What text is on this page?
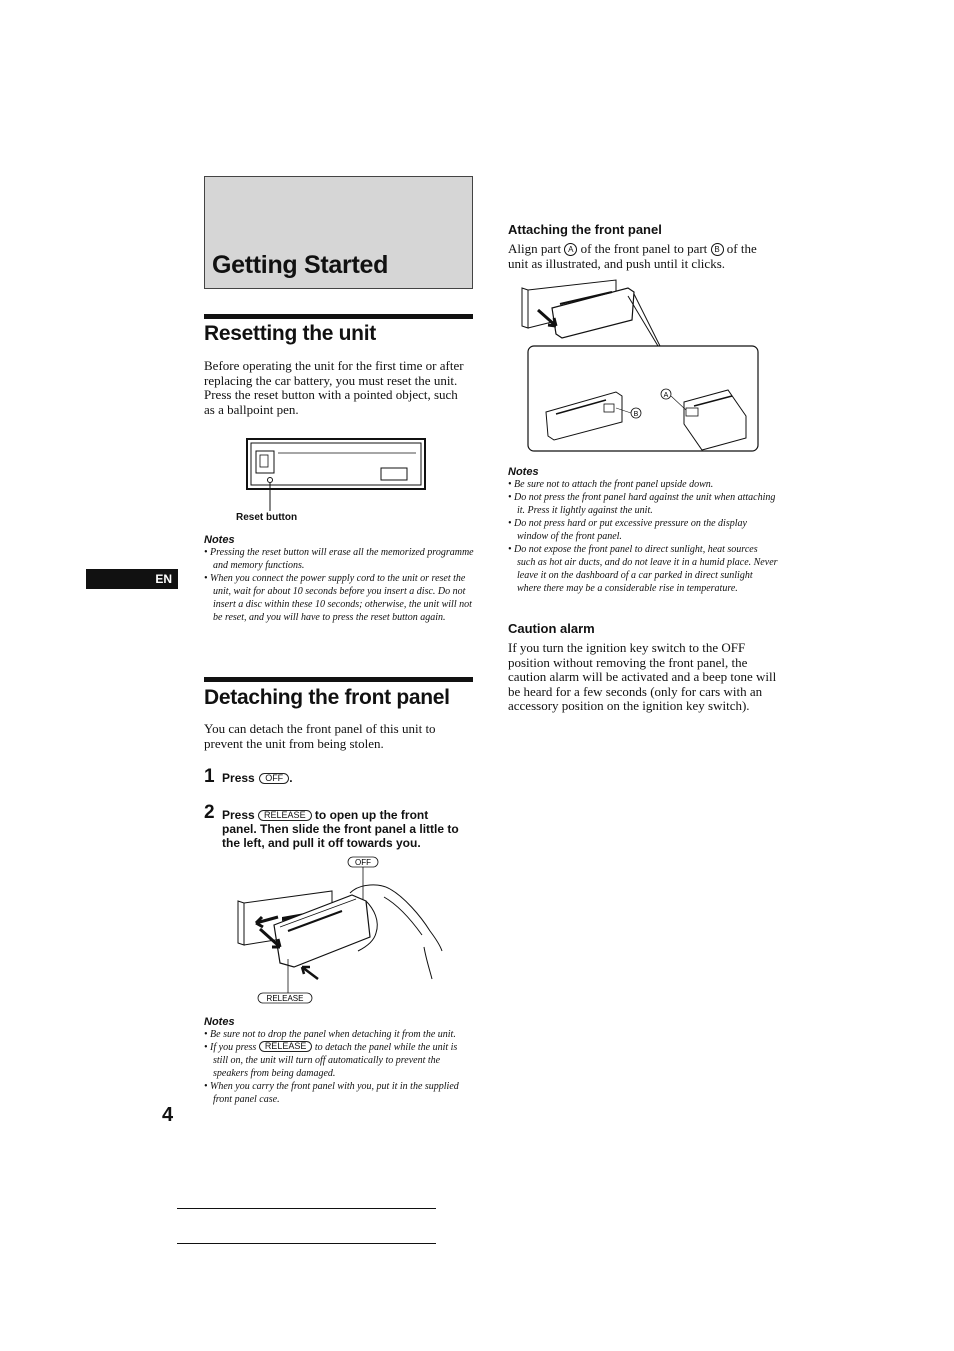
Getting Started
EN
Resetting the unit

Before operating the unit for the first time or after replacing the car battery, you must reset the unit.

Press the reset button with a pointed object, such as a ballpoint pen.

Reset button
Notes
• Pressing the reset button will erase all the memorized programme and memory functions.
• When you connect the power supply cord to the unit or reset the unit, wait for about 10 seconds before you insert a disc. Do not insert a disc within these 10 seconds; otherwise, the unit will not be reset, and you will have to press the reset button again.
Detaching the front panel

You can detach the front panel of this unit to prevent the unit from being stolen.

1 Press OFF .
2 Press RELEASE to open up the front panel. Then slide the front panel a little to the left, and pull it off towards you.
OFF
RELEASE
Notes
• Be sure not to drop the panel when detaching it from the unit.
• If you press RELEASE to detach the panel while the unit is still on, the unit will turn off automatically to prevent the speakers from being damaged.
• When you carry the front panel with you, put it in the supplied front panel case.
Attaching the front panel
Align part A of the front panel to part B of the unit as illustrated, and push until it clicks.
B
A
Notes
• Be sure not to attach the front panel upside down.
• Do not press the front panel hard against the unit when attaching it. Press it lightly against the unit.
• Do not press hard or put excessive pressure on the display window of the front panel.
• Do not expose the front panel to direct sunlight, heat sources such as hot air ducts, and do not leave it in a humid place. Never leave it on the dashboard of a car parked in direct sunlight where there may be a considerable rise in temperature.
Caution alarm

If you turn the ignition key switch to the OFF position without removing the front panel, the caution alarm will be activated and a beep tone will be heard for a few seconds (only for cars with an accessory position on the ignition key switch).

4
